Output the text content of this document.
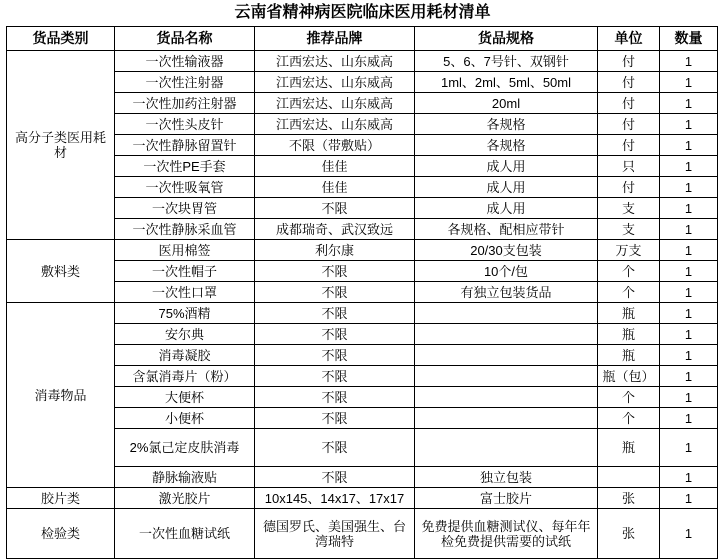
云南省精神病医院临床医用耗材清单
货品类别	货品名称	推荐品牌	货品规格	单位	数量
高分子类医用耗材	一次性输液器	江西宏达、山东威高	5、6、7号针、双钢针	付	1
	一次性注射器	江西宏达、山东威高	1ml、2ml、5ml、50ml	付	1
	一次性加药注射器	江西宏达、山东威高	20ml	付	1
	一次性头皮针	江西宏达、山东威高	各规格	付	1
	一次性静脉留置针	不限（带敷贴）	各规格	付	1
	一次性PE手套	佳佳	成人用	只	1
	一次性吸氧管	佳佳	成人用	付	1
	一次块胃管	不限	成人用	支	1
	一次性静脉采血管	成都瑞奇、武汉致远	各规格、配相应带针	支	1
敷料类	医用棉签	利尔康	20/30支包装	万支	1
	一次性帽子	不限	10个/包	个	1
	一次性口罩	不限	有独立包装货品	个	1
消毒物品	75%酒精	不限		瓶	1
	安尔典	不限		瓶	1
	消毒凝胶	不限		瓶	1
	含氯消毒片（粉）	不限		瓶（包）	1
	大便杯	不限		个	1
	小便杯	不限		个	1
	2%氯己定皮肤消毒	不限		瓶	1
	静脉输液贴	不限	独立包装		1
胶片类	激光胶片	10x145、14x17、17x17	富士胶片	张	1
检验类	一次性血糖试纸	德国罗氏、美国强生、台湾瑞特	免费提供血糖测试仪、每年年检免费提供需要的试纸	张	1
